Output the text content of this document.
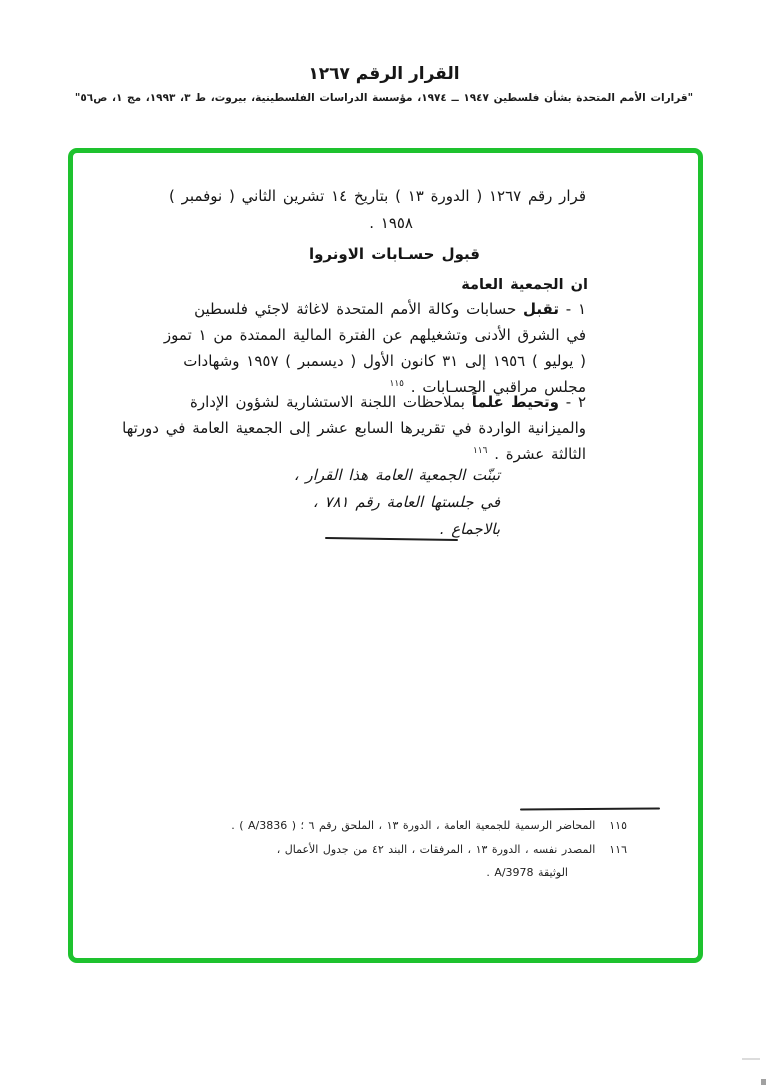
القرار الرقم ١٢٦٧
"قرارات الأمم المتحدة بشأن فلسطين ١٩٤٧ ــ ١٩٧٤، مؤسسة الدراسات الفلسطينية، بيروت، ط ٣، ١٩٩٣، مج ١، ص٥٦"
قرار رقم ١٢٦٧ ( الدورة ١٣ ) بتاريخ ١٤ تشرين الثاني ( نوفمبر )
١٩٥٨ .
قبول حسـابات الاونروا
ان الجمعية العامة
١ - تقبل حسابات وكالة الأمم المتحدة لاغاثة لاجئي فلسطين
في الشرق الأدنى وتشغيلهم عن الفترة المالية الممتدة من ١ تموز
( يوليو ) ١٩٥٦ إلى ٣١ كانون الأول ( ديسمبر ) ١٩٥٧ وشهادات
مجلس مراقبي الحسـابات . $^{١١٥}$
٢ - وتحيط علماً بملاحظات اللجنة الاستشارية لشؤون الإدارة
والميزانية الواردة في تقريرها السابع عشر إلى الجمعية العامة في دورتها
الثالثة عشرة . $^{١١٦}$
تبنّت الجمعية العامة هذا القرار ،
في جلستها العامة رقم ٧٨١ ،
بالاجماع .
١١٥المحاضر الرسمية للجمعية العامة ، الدورة ١٣ ، الملحق رقم ٦ ؛ ( A/3836 ) .
١١٦المصدر نفسه ، الدورة ١٣ ، المرفقات ، البند ٤٢ من جدول الأعمال ،
الوثيقة A/3978 .
